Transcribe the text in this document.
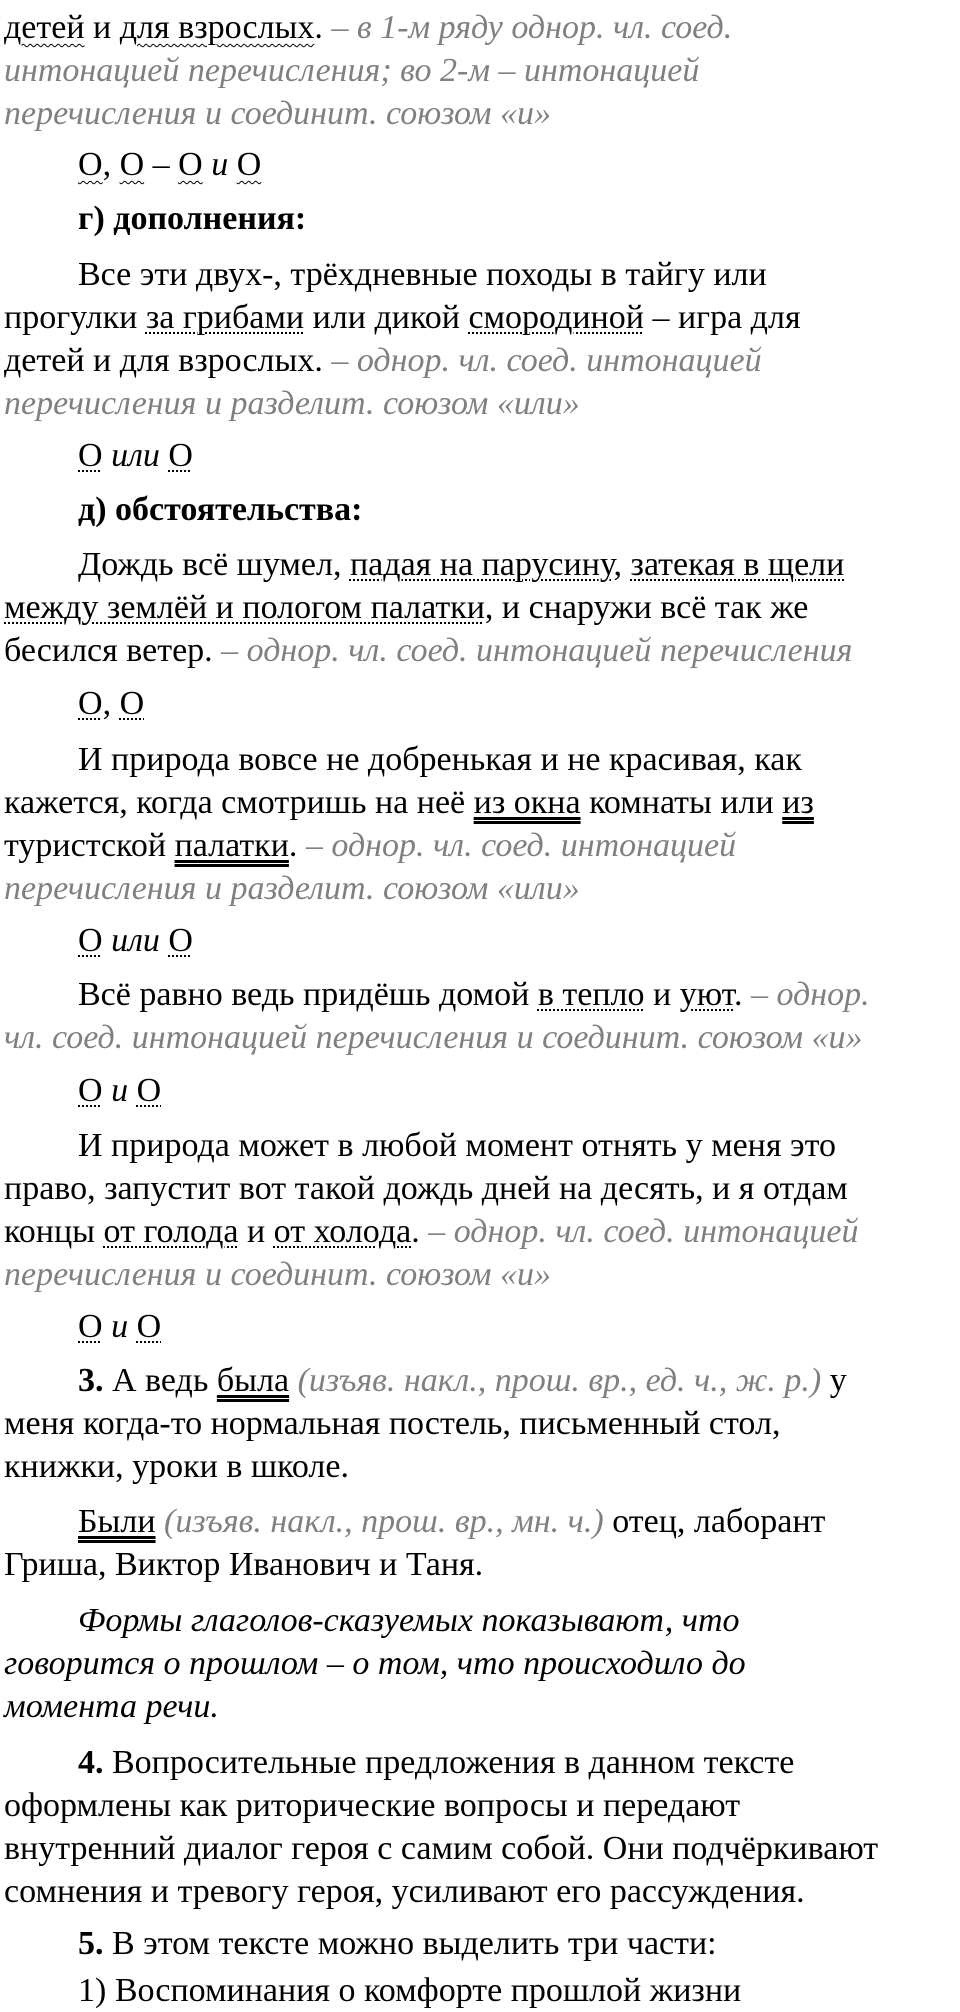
детей и для взрослых. – в 1-м ряду однор. чл. соед.
интонацией перечисления; во 2-м – интонацией
перечисления и соединит. союзом «и»
О, О – О и О
г) дополнения:
Все эти двух-, трёхдневные походы в тайгу или
прогулки за грибами или дикой смородиной – игра для
детей и для взрослых. – однор. чл. соед. интонацией
перечисления и разделит. союзом «или»
О или О
д) обстоятельства:
Дождь всё шумел, падая на парусину, затекая в щели
между землёй и пологом палатки, и снаружи всё так же
бесился ветер. – однор. чл. соед. интонацией перечисления
О, О
И природа вовсе не добренькая и не красивая, как
кажется, когда смотришь на неё из окна комнаты или из
туристской палатки. – однор. чл. соед. интонацией
перечисления и разделит. союзом «или»
О или О
Всё равно ведь придёшь домой в тепло и уют. – однор.
чл. соед. интонацией перечисления и соединит. союзом «и»
О и О
И природа может в любой момент отнять у меня это
право, запустит вот такой дождь дней на десять, и я отдам
концы от голода и от холода. – однор. чл. соед. интонацией
перечисления и соединит. союзом «и»
О и О
3. А ведь была (изъяв. накл., прош. вр., ед. ч., ж. р.) у
меня когда-то нормальная постель, письменный стол,
книжки, уроки в школе.
Были (изъяв. накл., прош. вр., мн. ч.) отец, лаборант
Гриша, Виктор Иванович и Таня.
Формы глаголов-сказуемых показывают, что
говорится о прошлом – о том, что происходило до
момента речи.
4. Вопросительные предложения в данном тексте
оформлены как риторические вопросы и передают
внутренний диалог героя с самим собой. Они подчёркивают
сомнения и тревогу героя, усиливают его рассуждения.
5. В этом тексте можно выделить три части:
1) Воспоминания о комфорте прошлой жизни
